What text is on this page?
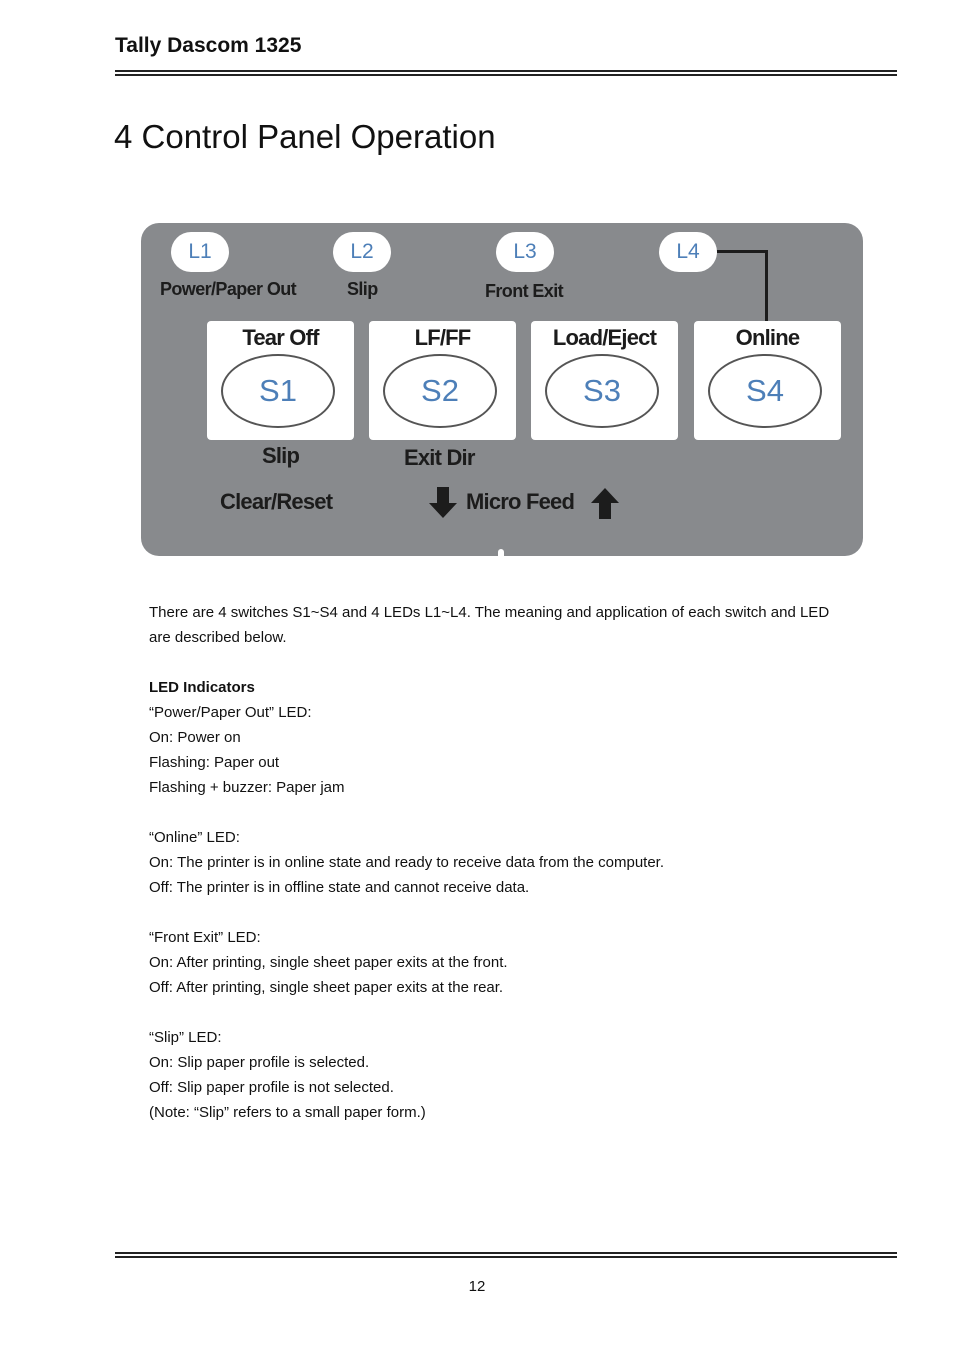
Tally Dascom 1325
4 Control Panel Operation
L1	L2	L3	L4
Power/Paper Out	Slip	Front Exit
Tear Off
S1
LF/FF
S2
Load/Eject
S3
Online
S4
Slip	Exit Dir
Clear/Reset	Micro Feed

There are 4 switches S1~S4 and 4 LEDs L1~L4. The meaning and application of each switch and LED

are described below.

LED Indicators

“Power/Paper Out” LED:

On: Power on

Flashing: Paper out

Flashing + buzzer: Paper jam

“Online” LED:

On: The printer is in online state and ready to receive data from the computer.

Off: The printer is in offline state and cannot receive data.

“Front Exit” LED:

On: After printing, single sheet paper exits at the front.

Off: After printing, single sheet paper exits at the rear.

“Slip” LED:

On: Slip paper profile is selected.

Off: Slip paper profile is not selected.

(Note: “Slip” refers to a small paper form.)

12
